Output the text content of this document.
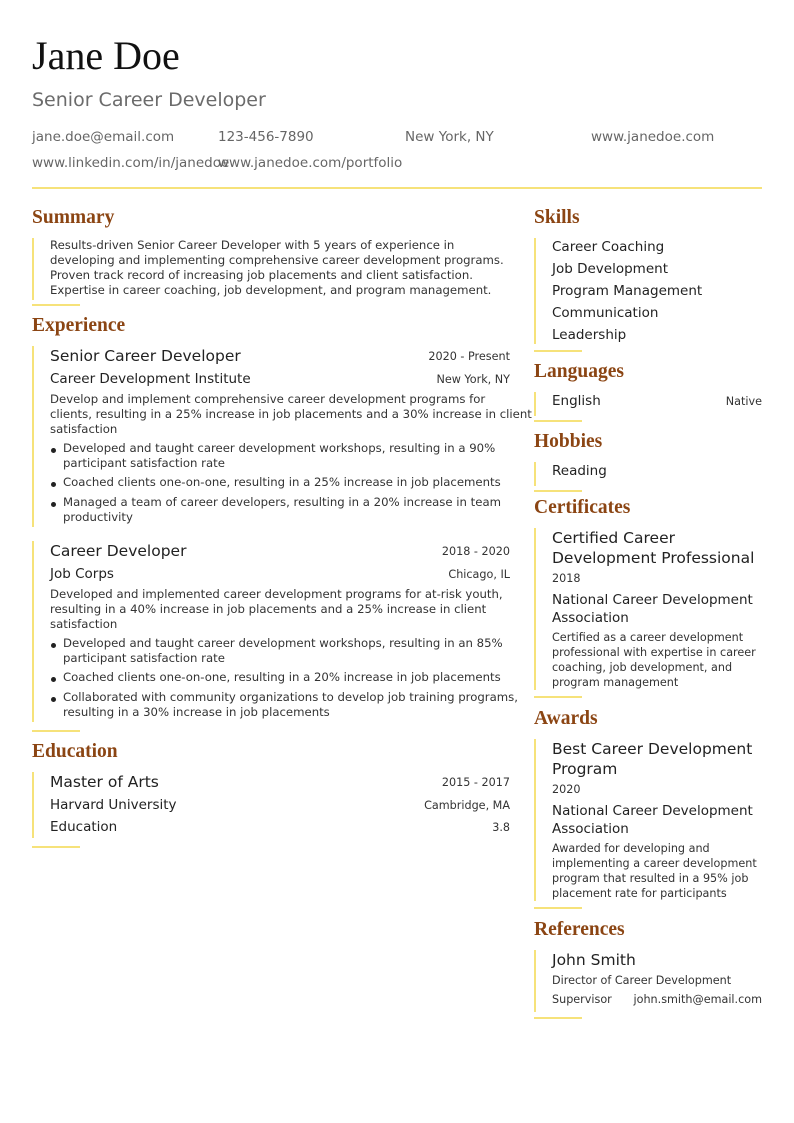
Jane Doe
Senior Career Developer
jane.doe@email.com	123-456-7890	New York, NY	www.janedoe.com
www.linkedin.com/in/janedoe
www.janedoe.com/portfolio
Summary
Results-driven Senior Career Developer with 5 years of experience in
developing and implementing comprehensive career development programs.
Proven track record of increasing job placements and client satisfaction.
Expertise in career coaching, job development, and program management.
Experience
Senior Career Developer	2020 - Present
Career Development Institute	New York, NY
Develop and implement comprehensive career development programs for
clients, resulting in a 25% increase in job placements and a 30% increase in client
satisfaction
Developed and taught career development workshops, resulting in a 90%
participant satisfaction rate
Coached clients one-on-one, resulting in a 25% increase in job placements
Managed a team of career developers, resulting in a 20% increase in team
productivity
Career Developer	2018 - 2020
Job Corps	Chicago, IL
Developed and implemented career development programs for at-risk youth,
resulting in a 40% increase in job placements and a 25% increase in client
satisfaction
Developed and taught career development workshops, resulting in an 85%
participant satisfaction rate
Coached clients one-on-one, resulting in a 20% increase in job placements
Collaborated with community organizations to develop job training programs,
resulting in a 30% increase in job placements
Education
Master of Arts	2015 - 2017
Harvard University	Cambridge, MA
Education	3.8
Skills
Career Coaching
Job Development
Program Management
Communication
Leadership
Languages
English	Native
Hobbies
Reading
Certificates
Certified Career
Development Professional
2018
National Career Development
Association
Certified as a career development
professional with expertise in career
coaching, job development, and
program management
Awards
Best Career Development
Program
2020
National Career Development
Association
Awarded for developing and
implementing a career development
program that resulted in a 95% job
placement rate for participants
References
John Smith
Director of Career Development
Supervisor john.smith@email.com
